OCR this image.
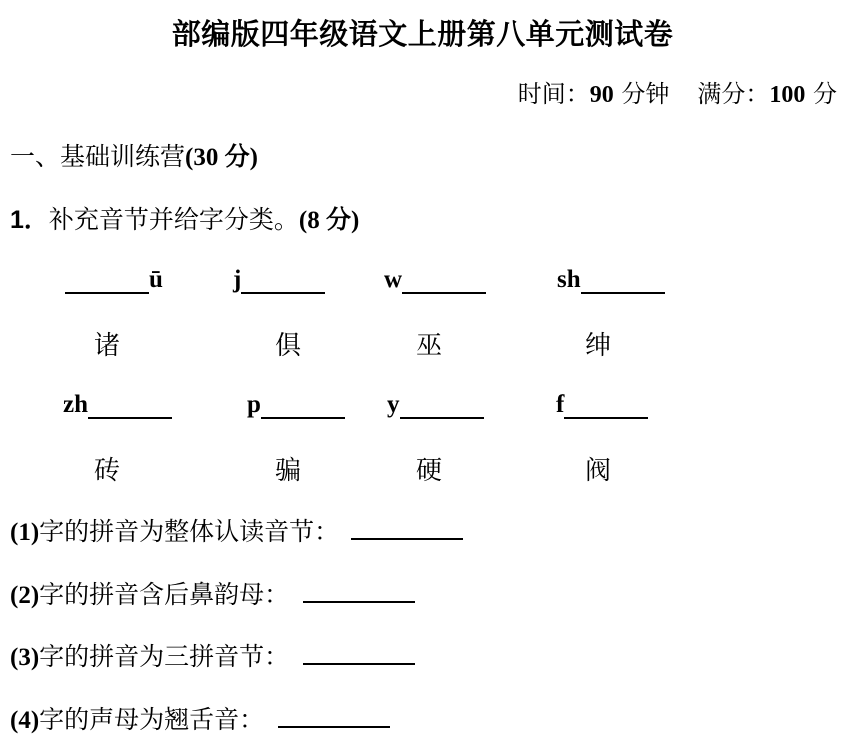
部编版四年级语文上册第八单元测试卷
时间：90 分钟 满分：100 分
一、基础训练营(30 分)
1．补充音节并给字分类。(8 分)
ū	j	w	sh
诸	俱	巫	绅
zh	p	y	f
砖	骗	硬	阀
(1)字的拼音为整体认读音节：
(2)字的拼音含后鼻韵母：
(3)字的拼音为三拼音节：
(4)字的声母为翘舌音：
